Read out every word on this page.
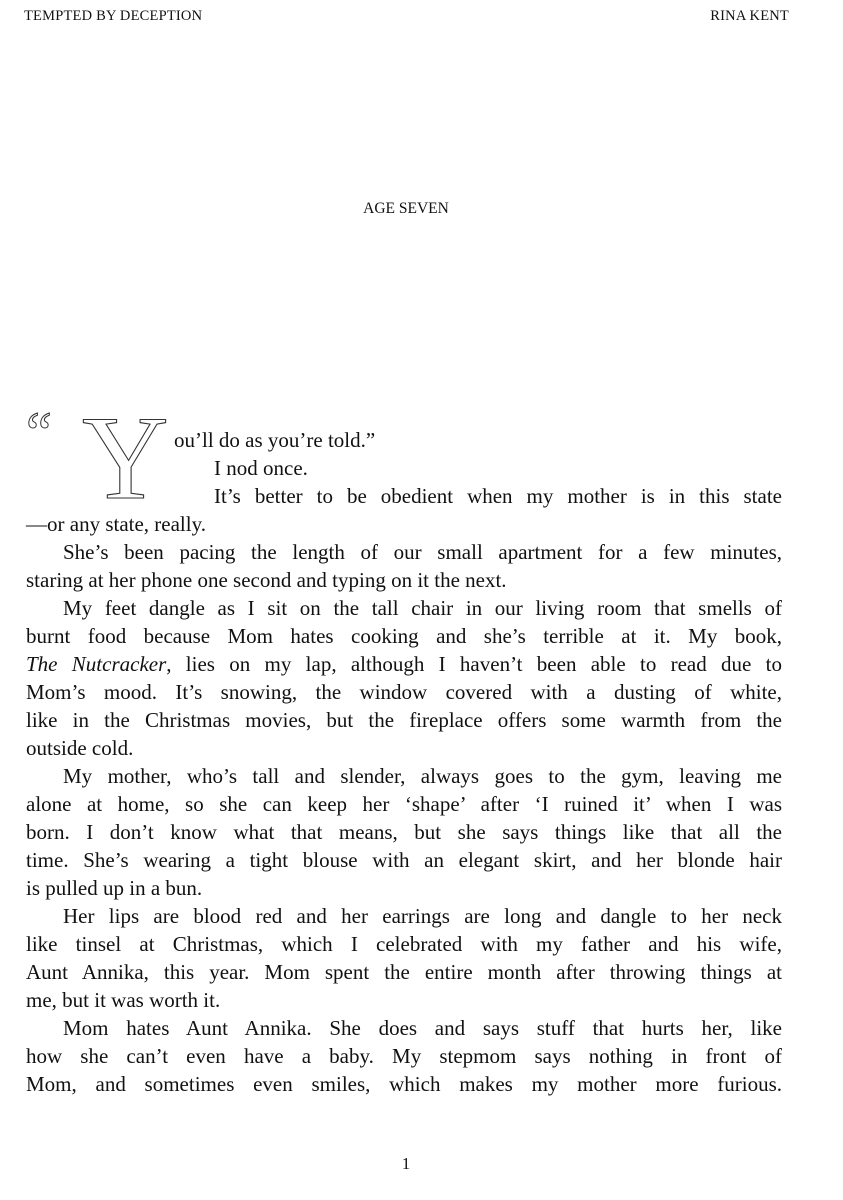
TEMPTED BY DECEPTION	RINA KENT
AGE SEVEN
“ Y ou’ll do as you’re told.”
I nod once.
It’s better to be obedient when my mother is in this state
—or any state, really.
She’s been pacing the length of our small apartment for a few minutes,
staring at her phone one second and typing on it the next.
My feet dangle as I sit on the tall chair in our living room that smells of
burnt food because Mom hates cooking and she’s terrible at it. My book,
The Nutcracker, lies on my lap, although I haven’t been able to read due to
Mom’s mood. It’s snowing, the window covered with a dusting of white,
like in the Christmas movies, but the fireplace offers some warmth from the
outside cold.
My mother, who’s tall and slender, always goes to the gym, leaving me
alone at home, so she can keep her ‘shape’ after ‘I ruined it’ when I was
born. I don’t know what that means, but she says things like that all the
time. She’s wearing a tight blouse with an elegant skirt, and her blonde hair
is pulled up in a bun.
Her lips are blood red and her earrings are long and dangle to her neck
like tinsel at Christmas, which I celebrated with my father and his wife,
Aunt Annika, this year. Mom spent the entire month after throwing things at
me, but it was worth it.
Mom hates Aunt Annika. She does and says stuff that hurts her, like
how she can’t even have a baby. My stepmom says nothing in front of
Mom, and sometimes even smiles, which makes my mother more furious.
1
